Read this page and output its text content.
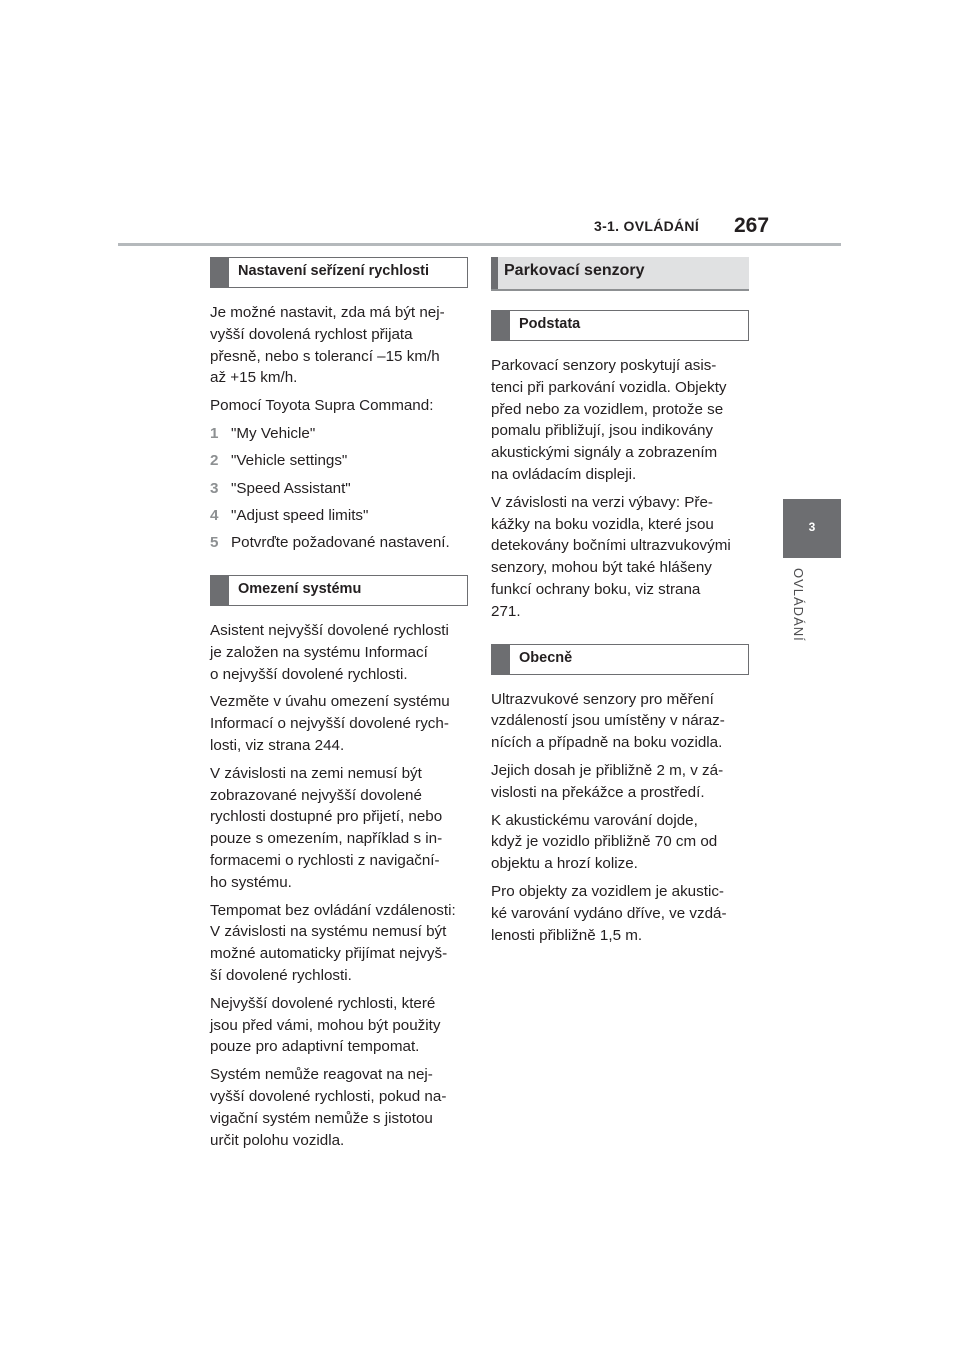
3-1. OVLÁDÁNÍ 267
3
OVLÁDÁNÍ
Nastavení seřízení rychlosti

Je možné nastavit, zda má být nej-
vyšší dovolená rychlost přijata
přesně, nebo s tolerancí –15 km/h
až +15 km/h.

Pomocí Toyota Supra Command:

1 "My Vehicle"
2 "Vehicle settings"
3 "Speed Assistant"
4 "Adjust speed limits"
5 Potvrďte požadované nastavení.
Omezení systému

Asistent nejvyšší dovolené rychlosti
je založen na systému Informací
o nejvyšší dovolené rychlosti.

Vezměte v úvahu omezení systému
Informací o nejvyšší dovolené rych-
losti, viz strana 244.

V závislosti na zemi nemusí být
zobrazované nejvyšší dovolené
rychlosti dostupné pro přijetí, nebo
pouze s omezením, například s in-
formacemi o rychlosti z navigační-
ho systému.

Tempomat bez ovládání vzdálenosti:
V závislosti na systému nemusí být
možné automaticky přijímat nejvyš-
ší dovolené rychlosti.

Nejvyšší dovolené rychlosti, které
jsou před vámi, mohou být použity
pouze pro adaptivní tempomat.

Systém nemůže reagovat na nej-
vyšší dovolené rychlosti, pokud na-
vigační systém nemůže s jistotou
určit polohu vozidla.

Parkovací senzory
Podstata

Parkovací senzory poskytují asis-
tenci při parkování vozidla. Objekty
před nebo za vozidlem, protože se
pomalu přibližují, jsou indikovány
akustickými signály a zobrazením
na ovládacím displeji.

V závislosti na verzi výbavy: Pře-
kážky na boku vozidla, které jsou
detekovány bočními ultrazvukovými
senzory, mohou být také hlášeny
funkcí ochrany boku, viz strana
271.

Obecně

Ultrazvukové senzory pro měření
vzdáleností jsou umístěny v náraz-
nících a případně na boku vozidla.

Jejich dosah je přibližně 2 m, v zá-
vislosti na překážce a prostředí.

K akustickému varování dojde,
když je vozidlo přibližně 70 cm od
objektu a hrozí kolize.

Pro objekty za vozidlem je akustic-
ké varování vydáno dříve, ve vzdá-
lenosti přibližně 1,5 m.
